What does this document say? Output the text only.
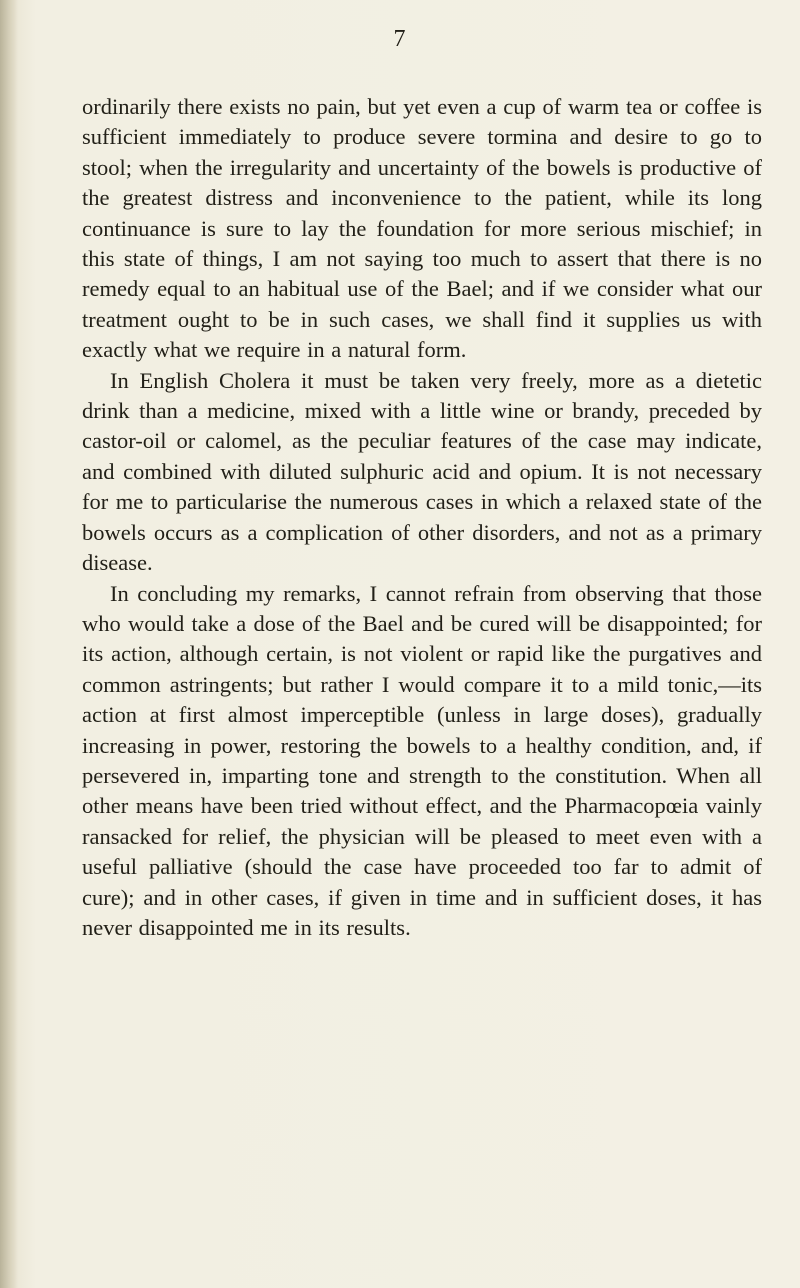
7

ordinarily there exists no pain, but yet even a cup of warm tea or coffee is sufficient immediately to produce severe tormina and desire to go to stool; when the irregularity and uncertainty of the bowels is productive of the greatest distress and inconvenience to the patient, while its long continuance is sure to lay the foundation for more serious mischief; in this state of things, I am not saying too much to assert that there is no remedy equal to an habitual use of the Bael; and if we consider what our treatment ought to be in such cases, we shall find it supplies us with exactly what we require in a natural form.

In English Cholera it must be taken very freely, more as a dietetic drink than a medicine, mixed with a little wine or brandy, preceded by castor-oil or calomel, as the peculiar features of the case may indicate, and combined with diluted sulphuric acid and opium. It is not necessary for me to particularise the numerous cases in which a relaxed state of the bowels occurs as a complication of other disorders, and not as a primary disease.

In concluding my remarks, I cannot refrain from observing that those who would take a dose of the Bael and be cured will be disappointed; for its action, although certain, is not violent or rapid like the purgatives and common astringents; but rather I would compare it to a mild tonic,—its action at first almost imperceptible (unless in large doses), gradually increasing in power, restoring the bowels to a healthy condition, and, if persevered in, imparting tone and strength to the constitution. When all other means have been tried without effect, and the Pharmacopœia vainly ransacked for relief, the physician will be pleased to meet even with a useful palliative (should the case have proceeded too far to admit of cure); and in other cases, if given in time and in sufficient doses, it has never disappointed me in its results.
